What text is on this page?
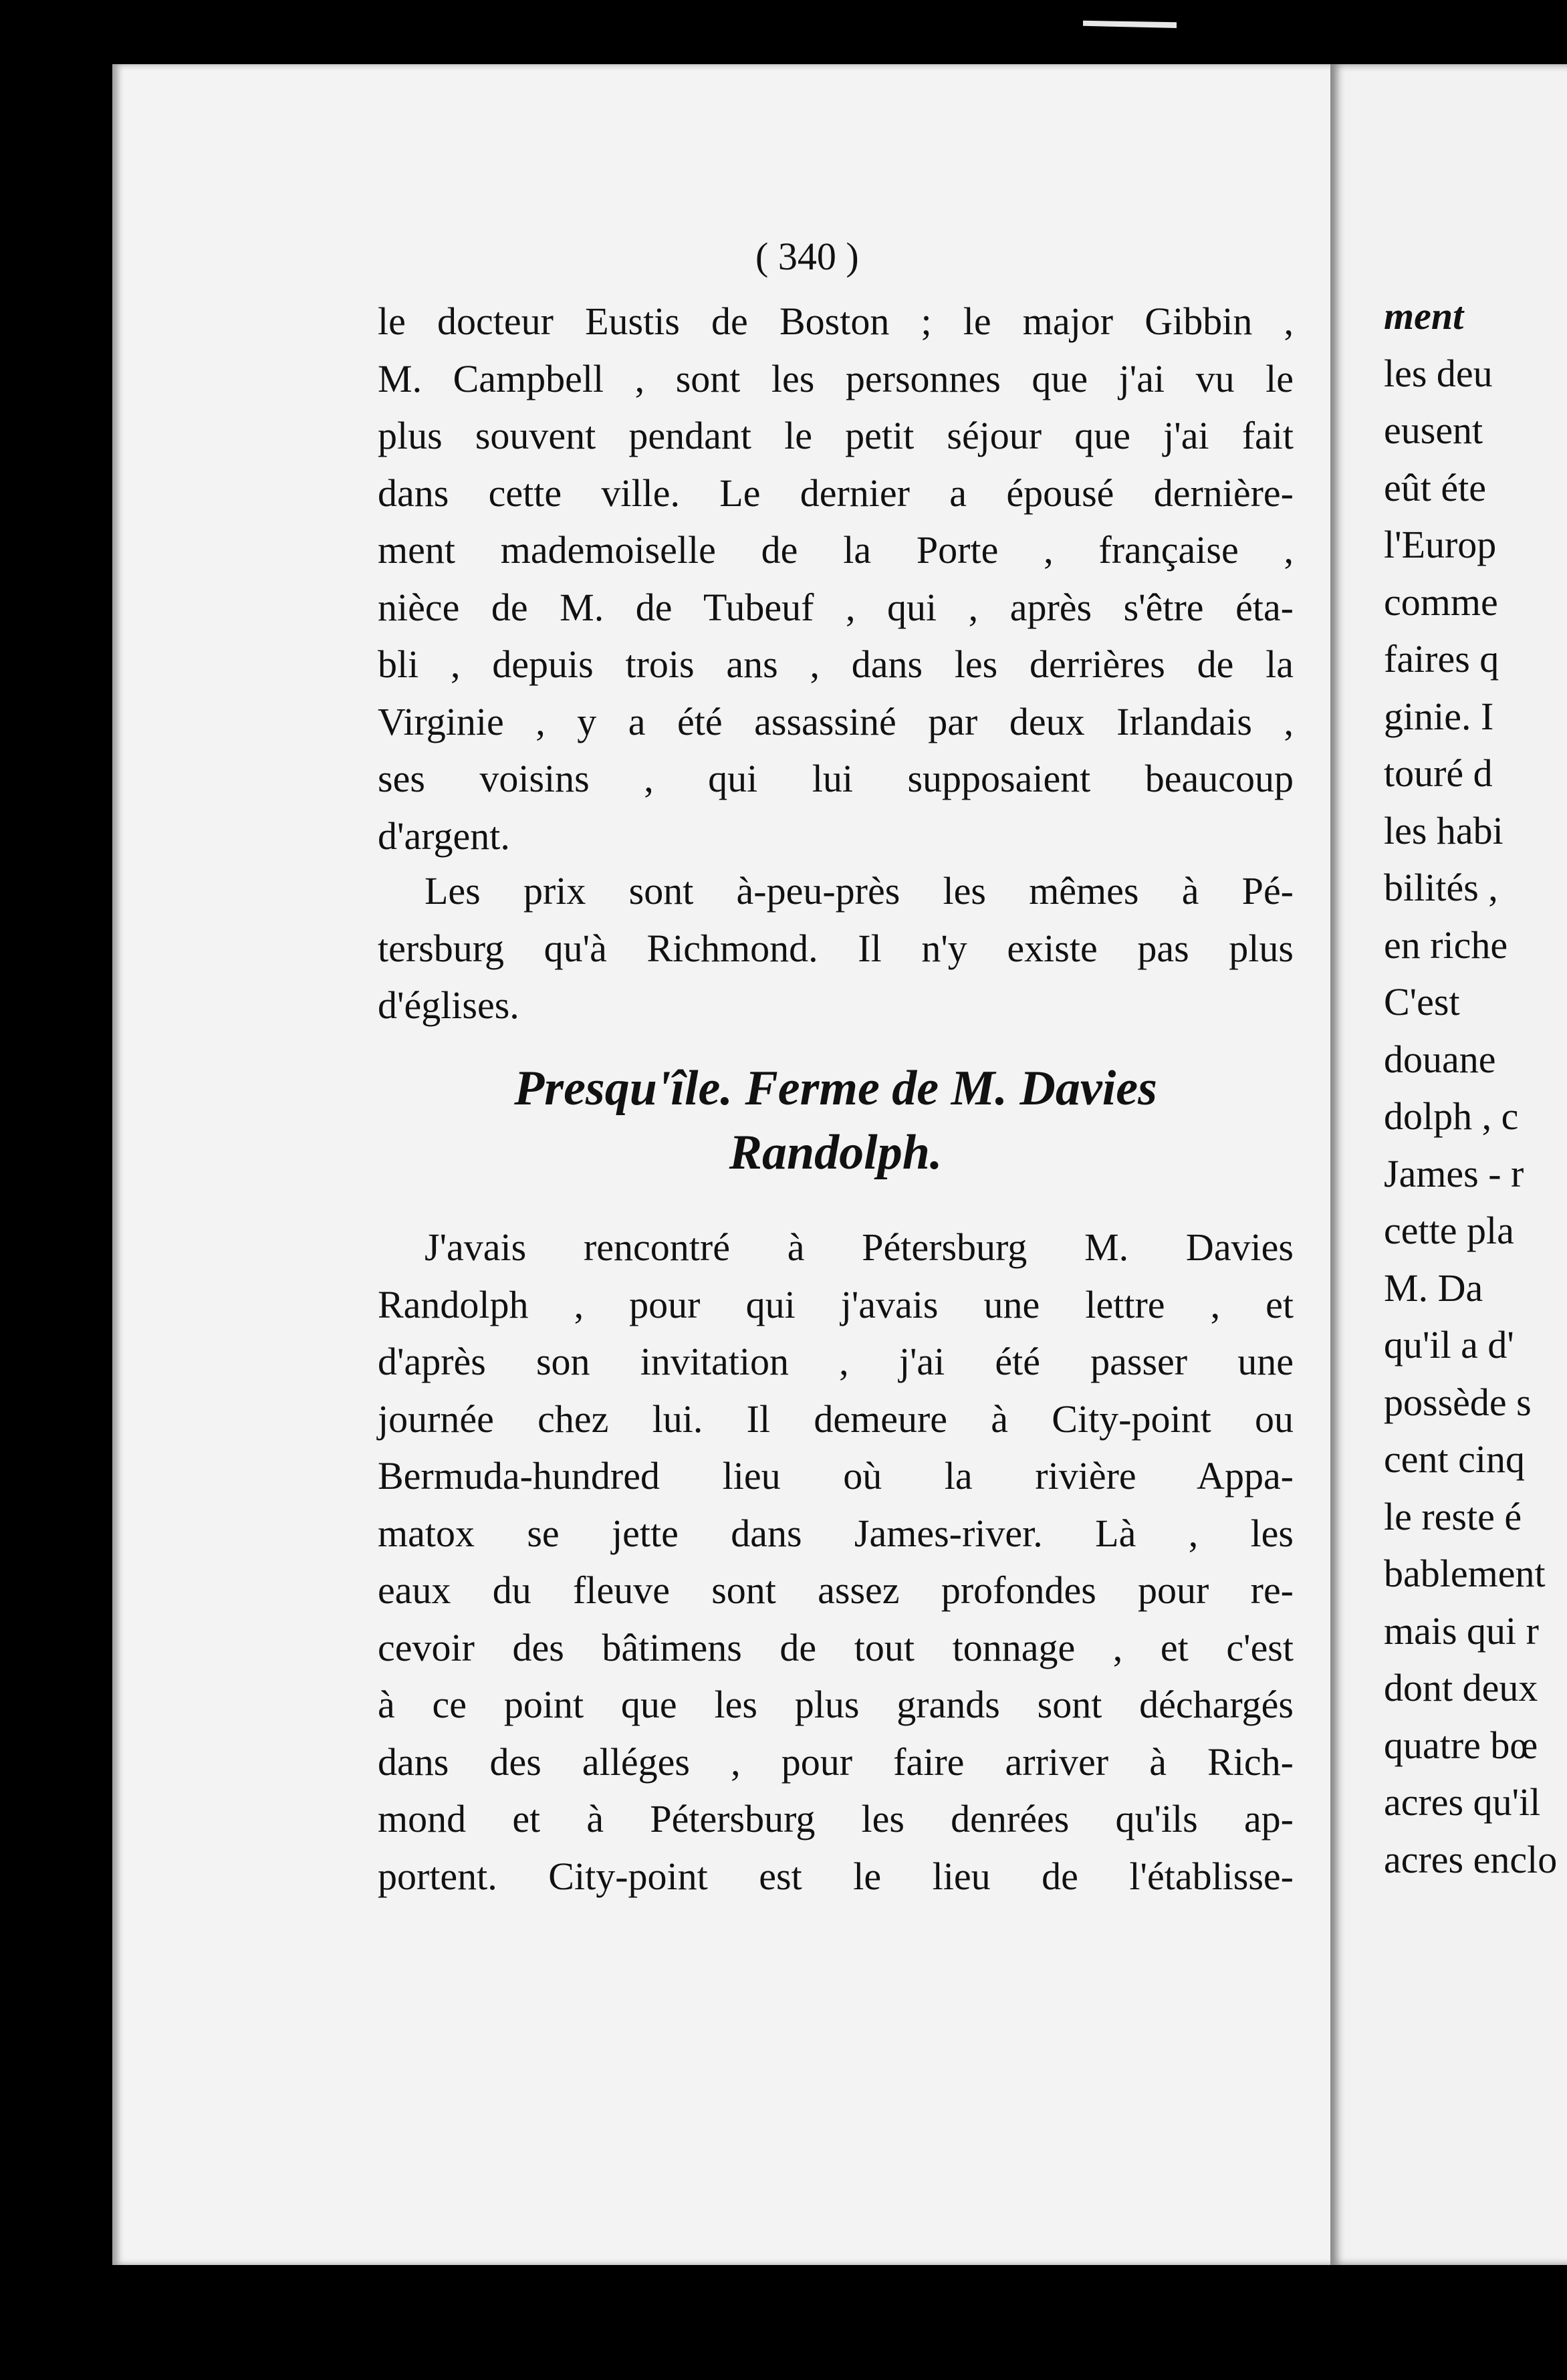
( 340 )
le docteur Eustis de Boston ; le major Gibbin ,
M. Campbell , sont les personnes que j'ai vu le
plus souvent pendant le petit séjour que j'ai fait
dans cette ville. Le dernier a épousé dernière-
ment mademoiselle de la Porte , française ,
nièce de M. de Tubeuf , qui , après s'être éta-
bli , depuis trois ans , dans les derrières de la
Virginie , y a été assassiné par deux Irlandais ,
ses voisins , qui lui supposaient beaucoup
d'argent.
Les prix sont à-peu-près les mêmes à Pé-
tersburg qu'à Richmond. Il n'y existe pas plus
d'églises.
Presqu'île. Ferme de M. Davies
Randolph.
J'avais rencontré à Pétersburg M. Davies
Randolph , pour qui j'avais une lettre , et
d'après son invitation , j'ai été passer une
journée chez lui. Il demeure à City-point ou
Bermuda-hundred lieu où la rivière Appa-
matox se jette dans James-river. Là , les
eaux du fleuve sont assez profondes pour re-
cevoir des bâtimens de tout tonnage , et c'est
à ce point que les plus grands sont déchargés
dans des alléges , pour faire arriver à Rich-
mond et à Pétersburg les denrées qu'ils ap-
portent. City-point est le lieu de l'établisse-
ment
les deu
eusent
eût éte
l'Europ
comme
faires q
ginie. I
touré d
les habi
bilités ,
en riche
C'est
douane
dolph , c
James - r
cette pla
M. Da
qu'il a d'
possède s
cent cinq
le reste é
bablement
mais qui r
dont deux
quatre bœ
acres qu'il
acres enclo
